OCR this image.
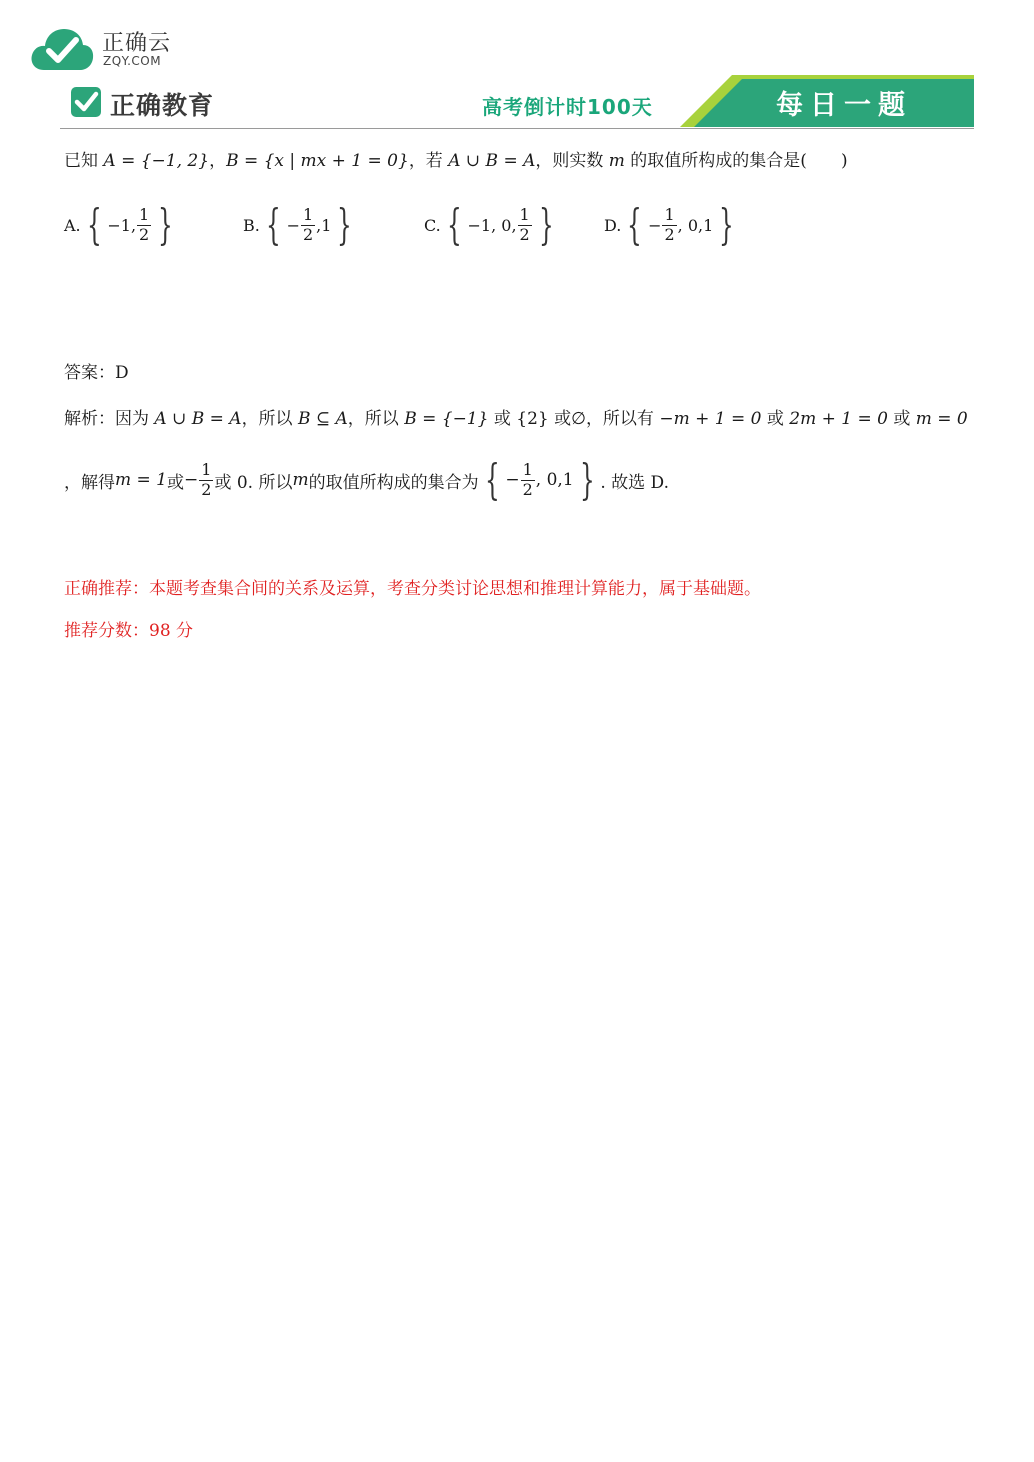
正确云
ZQY.COM
正确教育	高考倒计时100天	每日一题
已知 A = {−1, 2}，B = {x | mx + 1 = 0}，若 A ∪ B = A，则实数 m 的取值所构成的集合是(　　)
A. { −1, $\frac{1}{2}$ }	B. { − $\frac{1}{2} ,1$ }	C. { −1, 0, $\frac{1}{2}$ }	D. { − $\frac{1}{2}$ , 0,1 }
答案：D
解析：因为 A ∪ B = A，所以 B ⊆ A，所以 B = {−1} 或 {2} 或∅，所以有 −m + 1 = 0 或 2m + 1 = 0 或 m = 0
，解得 m = 1 或 − $\frac{1}{2}$ 或 0. 所以 m 的取值所构成的集合为 { − $\frac{1}{2}$ , 0,1 } . 故选 D.
正确推荐：本题考查集合间的关系及运算，考查分类讨论思想和推理计算能力，属于基础题。
推荐分数：98 分
